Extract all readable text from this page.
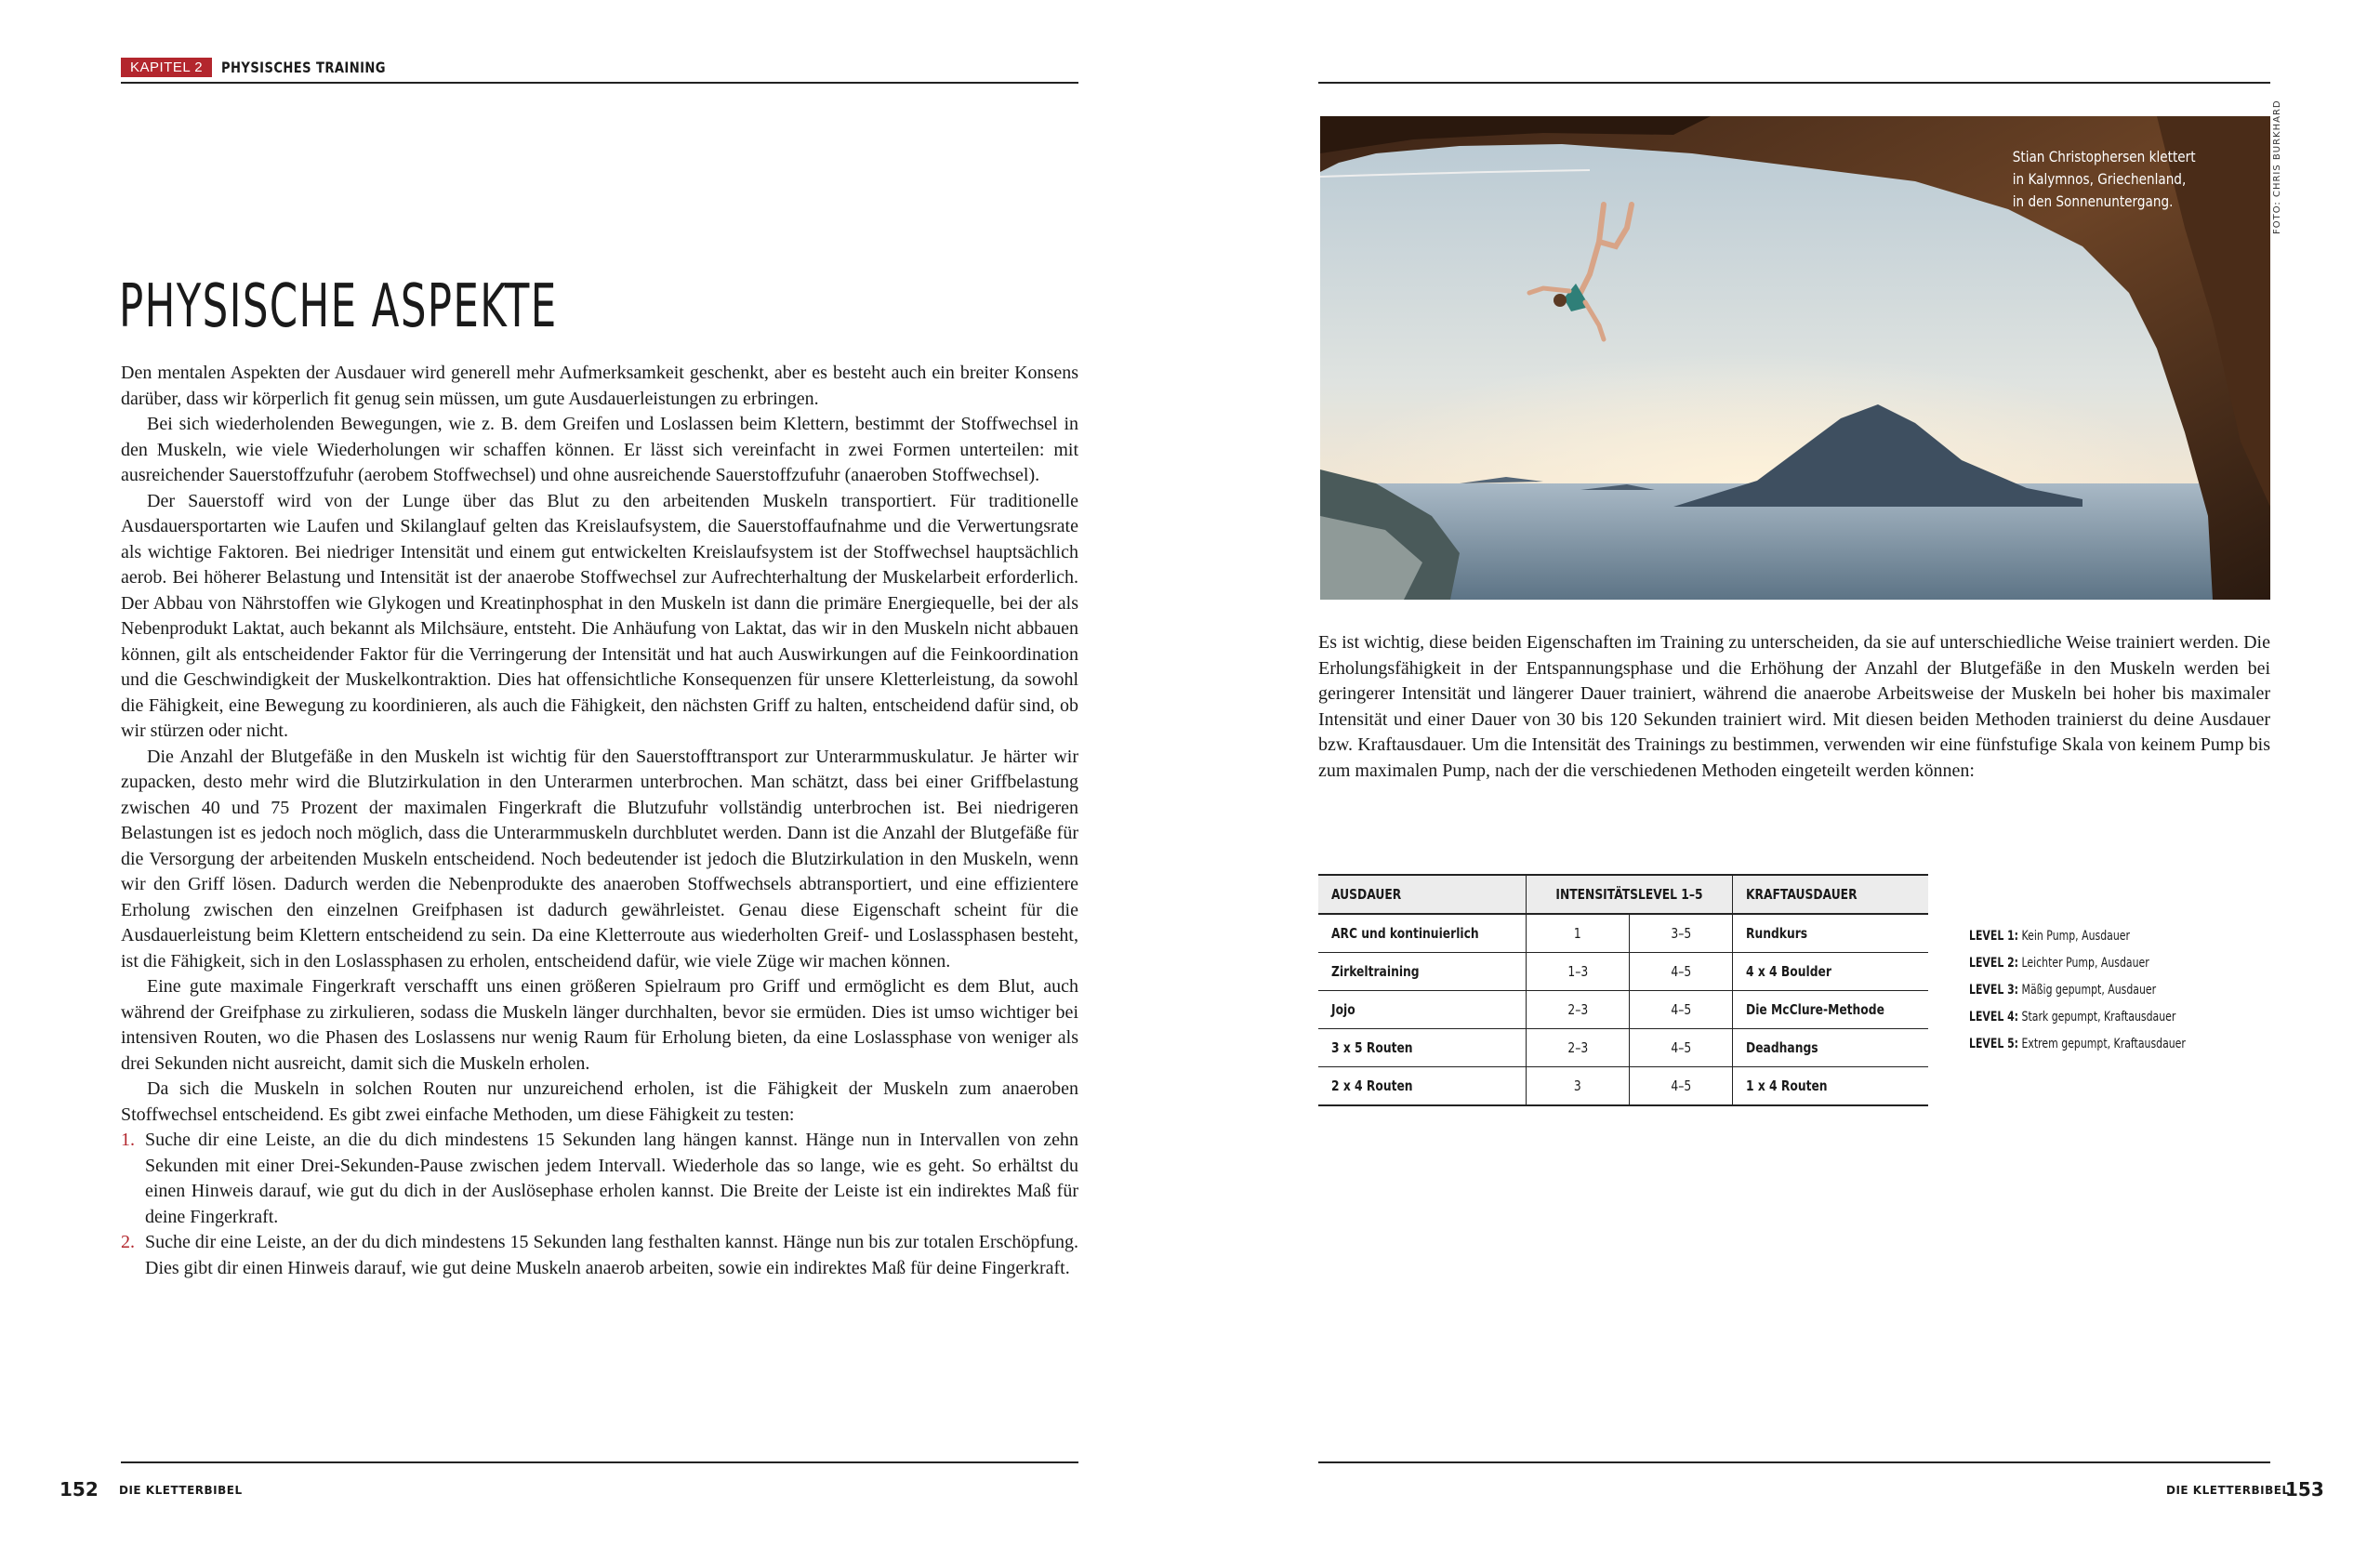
KAPITEL 2	PHYSISCHES TRAINING
PHYSISCHE ASPEKTE

Den mentalen Aspekten der Ausdauer wird generell mehr Aufmerksamkeit geschenkt, aber es besteht auch ein breiter Konsens darüber, dass wir körperlich fit genug sein müssen, um gute Ausdauerleistungen zu erbringen.

Bei sich wiederholenden Bewegungen, wie z. B. dem Greifen und Loslassen beim Klettern, bestimmt der Stoffwechsel in den Muskeln, wie viele Wiederholungen wir schaffen können. Er lässt sich vereinfacht in zwei Formen unterteilen: mit ausreichender Sauerstoffzufuhr (aerobem Stoffwechsel) und ohne ausreichende Sauerstoffzufuhr (anaeroben Stoffwechsel).

Der Sauerstoff wird von der Lunge über das Blut zu den arbeitenden Muskeln transportiert. Für traditionelle Ausdauersportarten wie Laufen und Skilanglauf gelten das Kreislaufsystem, die Sauerstoffaufnahme und die Verwertungsrate als wichtige Faktoren. Bei niedriger Intensität und einem gut entwickelten Kreislaufsystem ist der Stoffwechsel hauptsächlich aerob. Bei höherer Belastung und Intensität ist der anaerobe Stoffwechsel zur Aufrechterhaltung der Muskelarbeit erforderlich. Der Abbau von Nährstoffen wie Glykogen und Kreatinphosphat in den Muskeln ist dann die primäre Energiequelle, bei der als Nebenprodukt Laktat, auch bekannt als Milchsäure, entsteht. Die Anhäufung von Laktat, das wir in den Muskeln nicht abbauen können, gilt als entscheidender Faktor für die Verringerung der Intensität und hat auch Auswirkungen auf die Feinkoordination und die Geschwindigkeit der Muskelkontraktion. Dies hat offensichtliche Konsequenzen für unsere Kletterleistung, da sowohl die Fähigkeit, eine Bewegung zu koordinieren, als auch die Fähigkeit, den nächsten Griff zu halten, entscheidend dafür sind, ob wir stürzen oder nicht.

Die Anzahl der Blutgefäße in den Muskeln ist wichtig für den Sauerstofftransport zur Unterarmmuskulatur. Je härter wir zupacken, desto mehr wird die Blutzirkulation in den Unterarmen unterbrochen. Man schätzt, dass bei einer Griffbelastung zwischen 40 und 75 Prozent der maximalen Fingerkraft die Blutzufuhr vollständig unterbrochen ist. Bei niedrigeren Belastungen ist es jedoch noch möglich, dass die Unterarmmuskeln durchblutet werden. Dann ist die Anzahl der Blutgefäße für die Versorgung der arbeitenden Muskeln entscheidend. Noch bedeutender ist jedoch die Blutzirkulation in den Muskeln, wenn wir den Griff lösen. Dadurch werden die Nebenprodukte des anaeroben Stoffwechsels abtransportiert, und eine effizientere Erholung zwischen den einzelnen Greifphasen ist dadurch gewährleistet. Genau diese Eigenschaft scheint für die Ausdauerleistung beim Klettern entscheidend zu sein. Da eine Kletterroute aus wiederholten Greif- und Loslassphasen besteht, ist die Fähigkeit, sich in den Loslassphasen zu erholen, entscheidend dafür, wie viele Züge wir machen können.

Eine gute maximale Fingerkraft verschafft uns einen größeren Spielraum pro Griff und ermöglicht es dem Blut, auch während der Greifphase zu zirkulieren, sodass die Muskeln länger durchhalten, bevor sie ermüden. Dies ist umso wichtiger bei intensiven Routen, wo die Phasen des Loslassens nur wenig Raum für Erholung bieten, da eine Loslassphase von weniger als drei Sekunden nicht ausreicht, damit sich die Muskeln erholen.

Da sich die Muskeln in solchen Routen nur unzureichend erholen, ist die Fähigkeit der Muskeln zum anaeroben Stoffwechsel entscheidend. Es gibt zwei einfache Methoden, um diese Fähigkeit zu testen:

1. Suche dir eine Leiste, an die du dich mindestens 15 Sekunden lang hängen kannst. Hänge nun in Intervallen von zehn Sekunden mit einer Drei-Sekunden-Pause zwischen jedem Intervall. Wiederhole das so lange, wie es geht. So erhältst du einen Hinweis darauf, wie gut du dich in der Auslösephase erholen kannst. Die Breite der Leiste ist ein indirektes Maß für deine Fingerkraft.
2. Suche dir eine Leiste, an der du dich mindestens 15 Sekunden lang festhalten kannst. Hänge nun bis zur totalen Erschöpfung. Dies gibt dir einen Hinweis darauf, wie gut deine Muskeln anaerob arbeiten, sowie ein indirektes Maß für deine Fingerkraft.
Stian Christophersen klettert
in Kalymnos, Griechenland,
in den Sonnenuntergang.	FOTO: CHRIS BURKHARD

Es ist wichtig, diese beiden Eigenschaften im Training zu unterscheiden, da sie auf unterschiedliche Weise trainiert werden. Die Erholungsfähigkeit in der Entspannungsphase und die Erhöhung der Anzahl der Blutgefäße in den Muskeln werden bei geringerer Intensität und längerer Dauer trainiert, während die anaerobe Arbeitsweise der Muskeln bei hoher bis maximaler Intensität und einer Dauer von 30 bis 120 Sekunden trainiert wird. Mit diesen beiden Methoden trainierst du deine Ausdauer bzw. Kraftausdauer. Um die Intensität des Trainings zu bestimmen, verwenden wir eine fünfstufige Skala von keinem Pump bis zum maximalen Pump, nach der die verschiedenen Methoden eingeteilt werden können:

AUSDAUER	INTENSITÄTSLEVEL 1–5		KRAFTAUSDAUER
ARC und kontinuierlich	1	3–5	Rundkurs
Zirkeltraining	1–3	4–5	4 x 4 Boulder
Jojo	2–3	4–5	Die McClure-Methode
3 x 5 Routen	2–3	4–5	Deadhangs
2 x 4 Routen	3	4–5	1 x 4 Routen
LEVEL 1: Kein Pump, Ausdauer
LEVEL 2: Leichter Pump, Ausdauer
LEVEL 3: Mäßig gepumpt, Ausdauer
LEVEL 4: Stark gepumpt, Kraftausdauer
LEVEL 5: Extrem gepumpt, Kraftausdauer
152 DIE KLETTERBIBEL	DIE KLETTERBIBEL
153
